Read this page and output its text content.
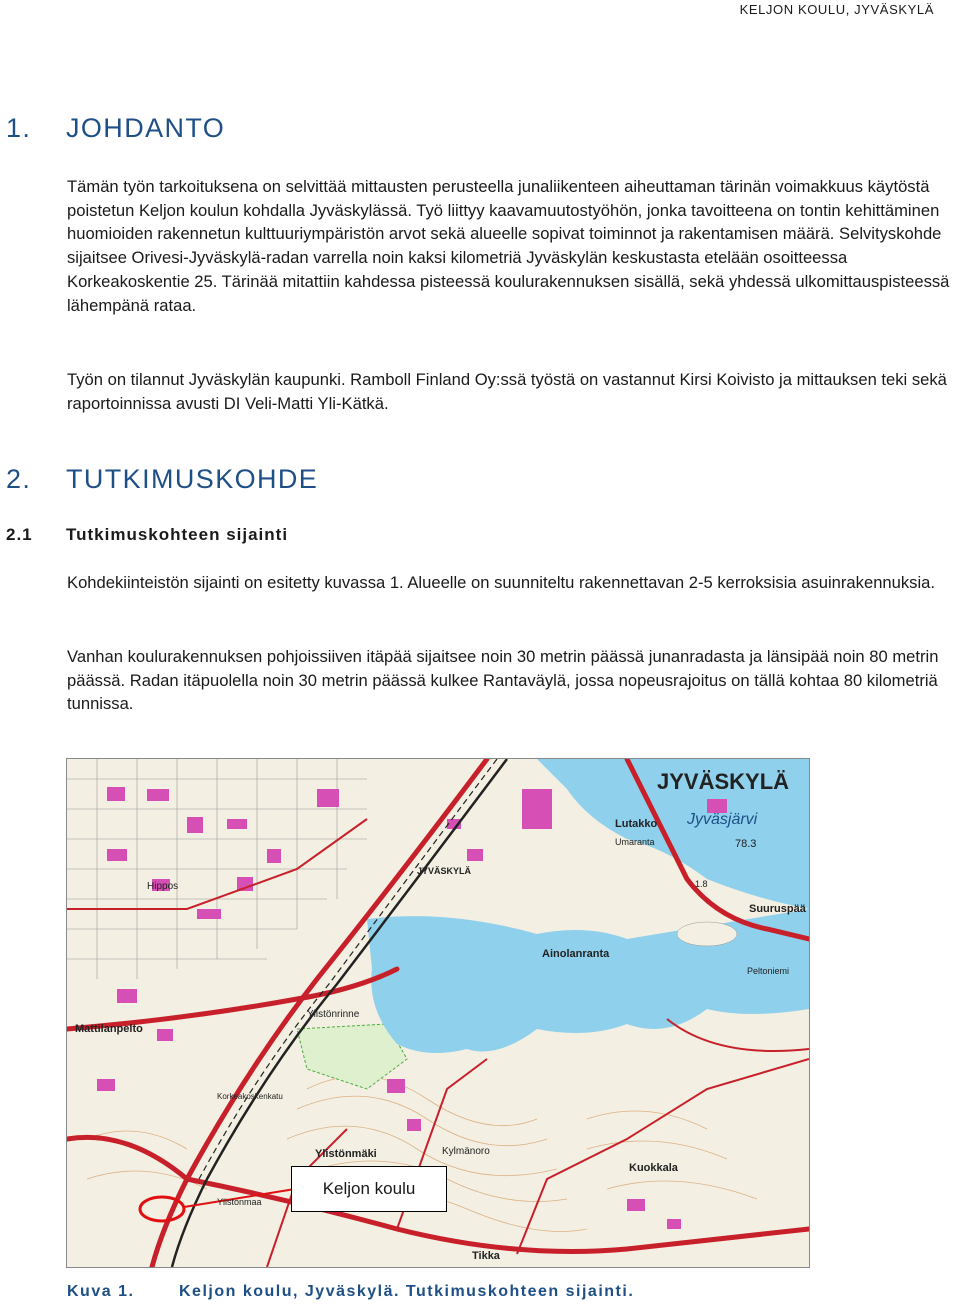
KELJON KOULU, JYVÄSKYLÄ
1. JOHDANTO

Tämän työn tarkoituksena on selvittää mittausten perusteella junaliikenteen aiheuttaman tärinän voimakkuus käytöstä poistetun Keljon koulun kohdalla Jyväskylässä. Työ liittyy kaavamuutostyöhön, jonka tavoitteena on tontin kehittäminen huomioiden rakennetun kulttuuriympäristön arvot sekä alueelle sopivat toiminnot ja rakentamisen määrä. Selvityskohde sijaitsee Orivesi-Jyväskylä-radan varrella noin kaksi kilometriä Jyväskylän keskustasta etelään osoitteessa Korkeakoskentie 25. Tärinää mitattiin kahdessa pisteessä koulurakennuksen sisällä, sekä yhdessä ulkomittauspisteessä lähempänä rataa.

Työn on tilannut Jyväskylän kaupunki. Ramboll Finland Oy:ssä työstä on vastannut Kirsi Koivisto ja mittauksen teki sekä raportoinnissa avusti DI Veli-Matti Yli-Kätkä.

2. TUTKIMUSKOHDE
2.1 Tutkimuskohteen sijainti

Kohdekiinteistön sijainti on esitetty kuvassa 1. Alueelle on suunniteltu rakennettavan 2-5 kerroksisia asuinrakennuksia.

Vanhan koulurakennuksen pohjoissiiven itäpää sijaitsee noin 30 metrin päässä junanradasta ja länsipää noin 80 metrin päässä. Radan itäpuolella noin 30 metrin päässä kulkee Rantaväylä, jossa nopeusrajoitus on tällä kohtaa 80 kilometriä tunnissa.

JYVÄSKYLÄ
Jyväsjärvi
78.3
Lutakko
Umaranta
Suuruspää
Ainolanranta
Peltoniemi
Mattilanpelto
Ylistönrinne
Ylistönmäki	Kylmänoro
Kuokkala
Tikka
Hippos
Ylistönmaa
JYVÄSKYLÄ
Korkeakoskenkatu
1.8
Keljon koulu
Kuva 1.	Keljon koulu, Jyväskylä. Tutkimuskohteen sijainti.
